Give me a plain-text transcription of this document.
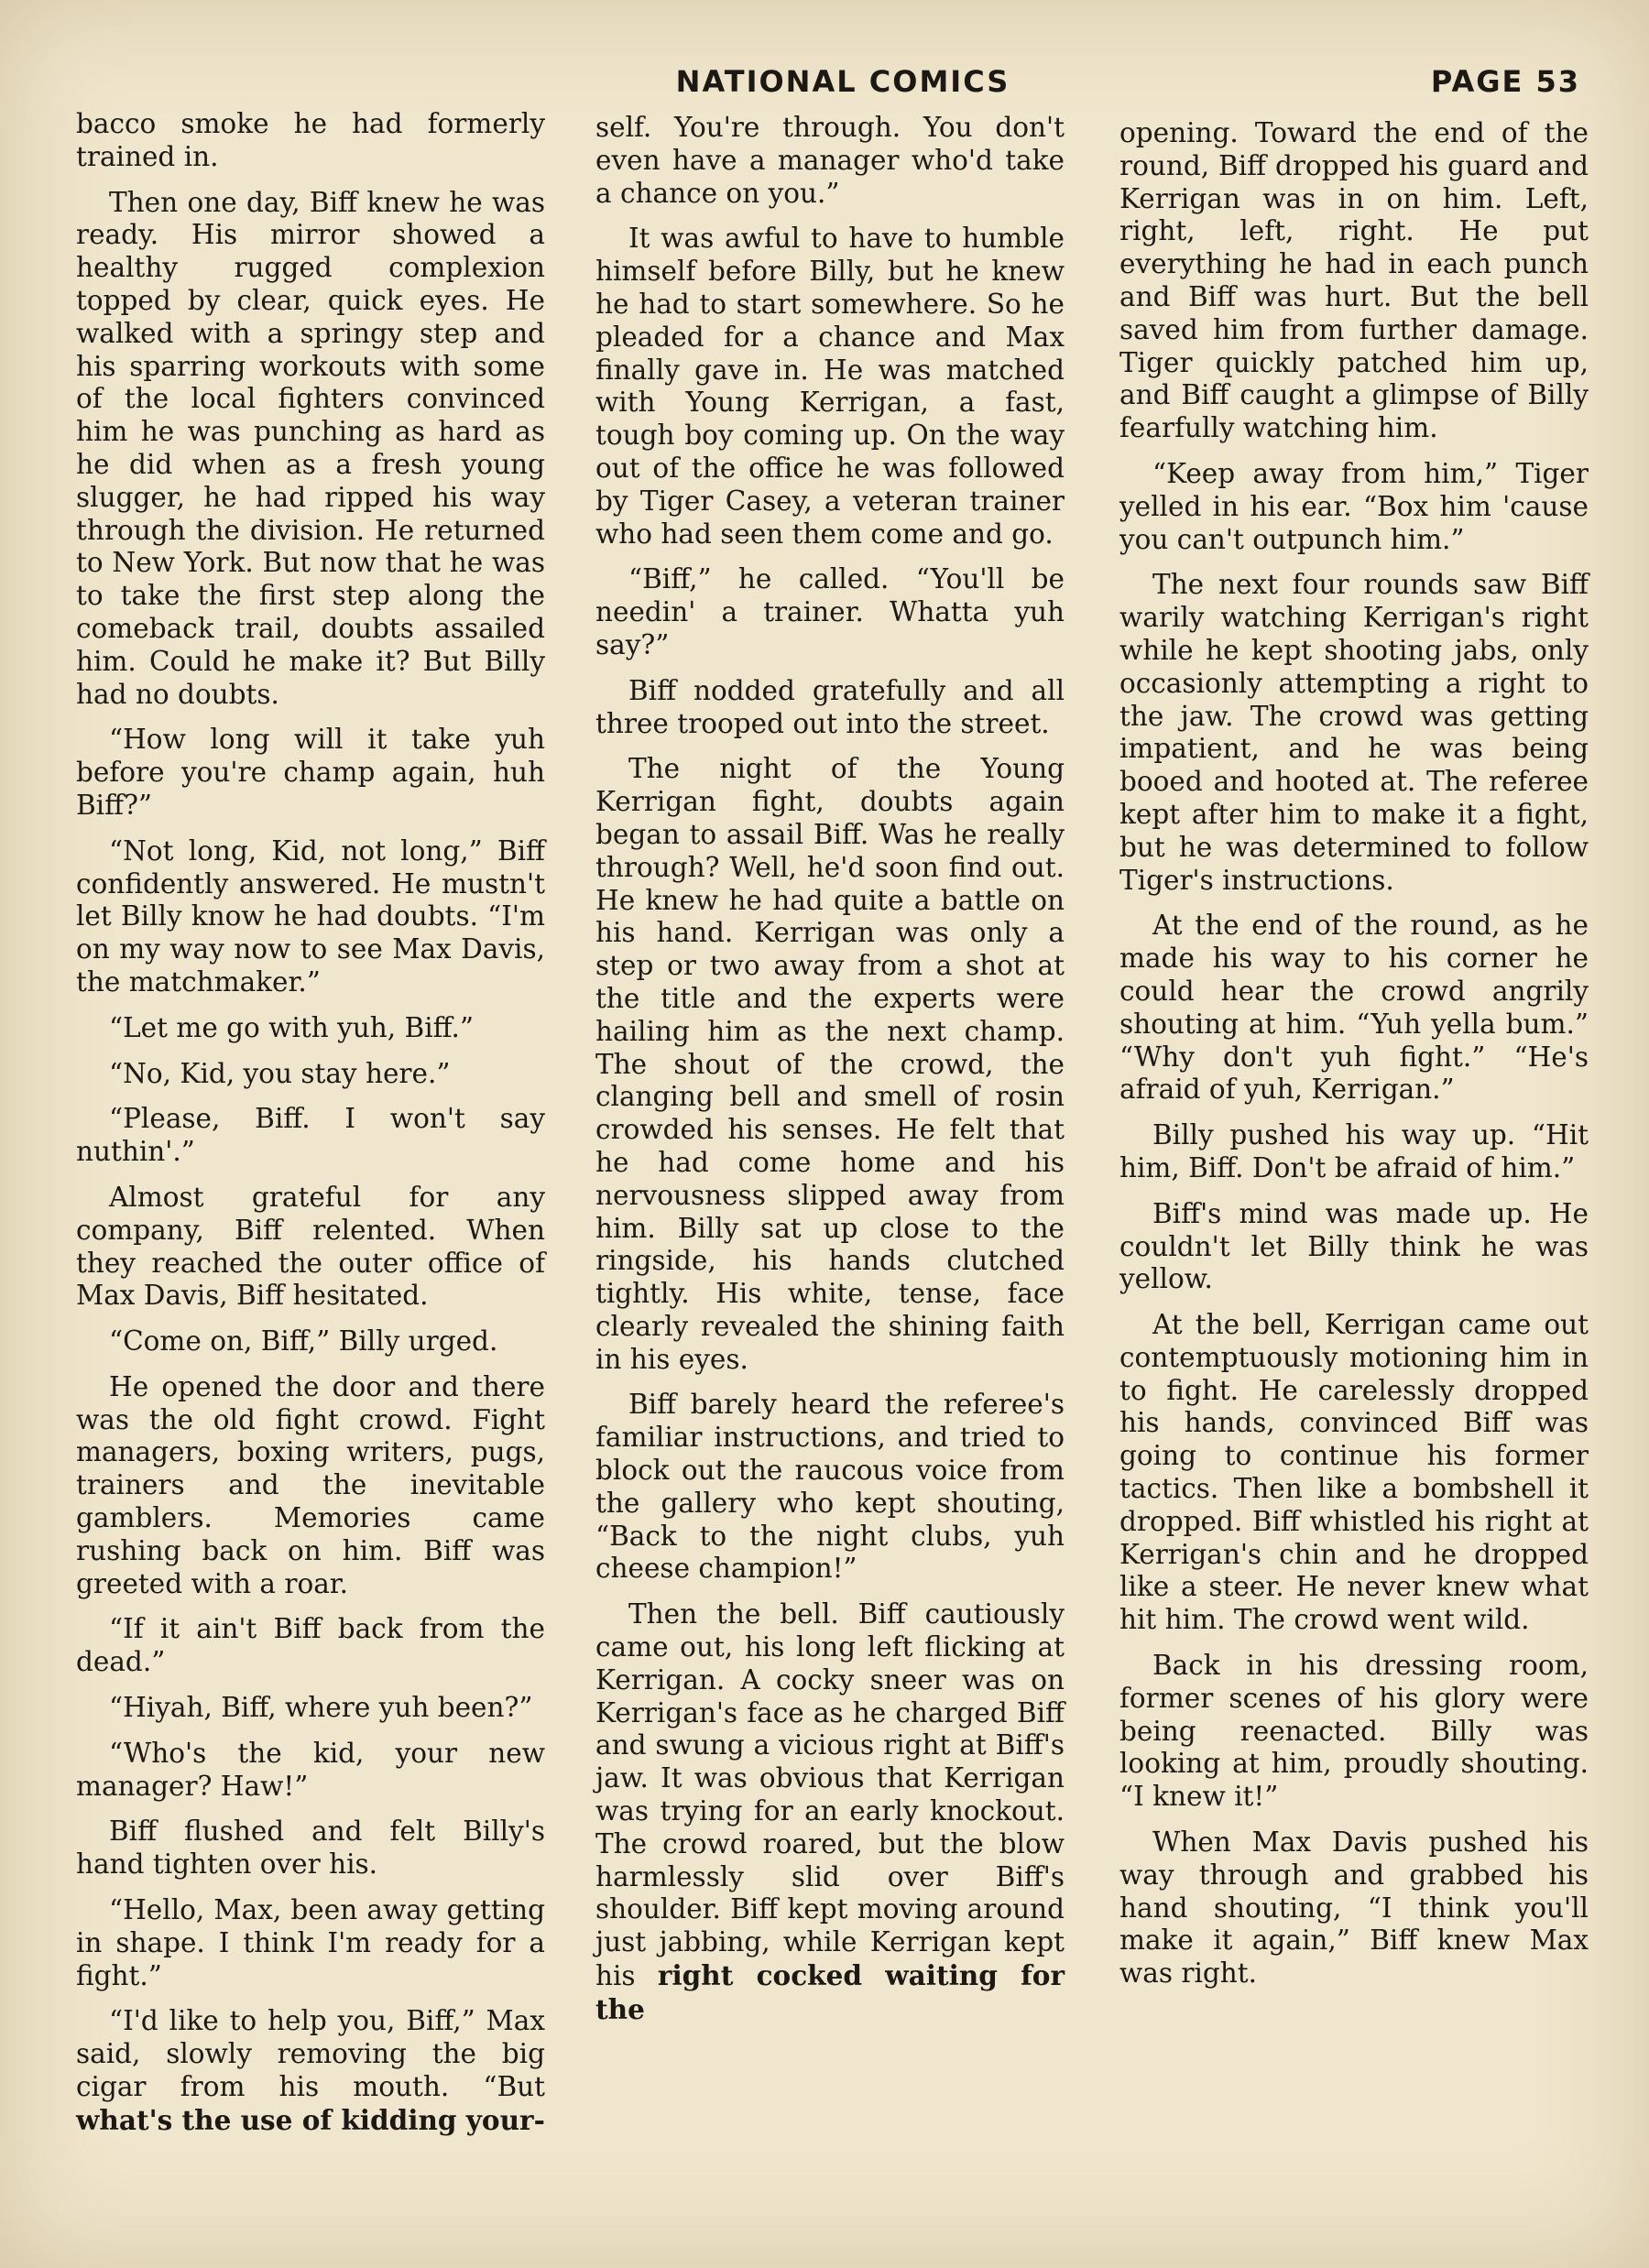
NATIONAL COMICS	PAGE 53

bacco smoke he had formerly trained in.

Then one day, Biff knew he was ready. His mirror showed a healthy rugged complexion topped by clear, quick eyes. He walked with a springy step and his sparring workouts with some of the local fighters convinced him he was punching as hard as he did when as a fresh young slugger, he had ripped his way through the division. He returned to New York. But now that he was to take the first step along the comeback trail, doubts assailed him. Could he make it? But Billy had no doubts.

“How long will it take yuh before you're champ again, huh Biff?”

“Not long, Kid, not long,” Biff confidently answered. He mustn't let Billy know he had doubts. “I'm on my way now to see Max Davis, the matchmaker.”

“Let me go with yuh, Biff.”

“No, Kid, you stay here.”

“Please, Biff. I won't say nuthin'.”

Almost grateful for any company, Biff relented. When they reached the outer office of Max Davis, Biff hesitated.

“Come on, Biff,” Billy urged.

He opened the door and there was the old fight crowd. Fight managers, boxing writers, pugs, trainers and the inevitable gamblers. Memories came rushing back on him. Biff was greeted with a roar.

“If it ain't Biff back from the dead.”

“Hiyah, Biff, where yuh been?”

“Who's the kid, your new manager? Haw!”

Biff flushed and felt Billy's hand tighten over his.

“Hello, Max, been away getting in shape. I think I'm ready for a fight.”

“I'd like to help you, Biff,” Max said, slowly removing the big cigar from his mouth. “But what's the use of kidding your-

self. You're through. You don't even have a manager who'd take a chance on you.”

It was awful to have to humble himself before Billy, but he knew he had to start somewhere. So he pleaded for a chance and Max finally gave in. He was matched with Young Kerrigan, a fast, tough boy coming up. On the way out of the office he was followed by Tiger Casey, a veteran trainer who had seen them come and go.

“Biff,” he called. “You'll be needin' a trainer. Whatta yuh say?”

Biff nodded gratefully and all three trooped out into the street.

The night of the Young Kerrigan fight, doubts again began to assail Biff. Was he really through? Well, he'd soon find out. He knew he had quite a battle on his hand. Kerrigan was only a step or two away from a shot at the title and the experts were hailing him as the next champ. The shout of the crowd, the clanging bell and smell of rosin crowded his senses. He felt that he had come home and his nervousness slipped away from him. Billy sat up close to the ringside, his hands clutched tightly. His white, tense, face clearly revealed the shining faith in his eyes.

Biff barely heard the referee's familiar instructions, and tried to block out the raucous voice from the gallery who kept shouting, “Back to the night clubs, yuh cheese champion!”

Then the bell. Biff cautiously came out, his long left flicking at Kerrigan. A cocky sneer was on Kerrigan's face as he charged Biff and swung a vicious right at Biff's jaw. It was obvious that Kerrigan was trying for an early knockout. The crowd roared, but the blow harmlessly slid over Biff's shoulder. Biff kept moving around just jabbing, while Kerrigan kept his right cocked waiting for the

opening. Toward the end of the round, Biff dropped his guard and Kerrigan was in on him. Left, right, left, right. He put everything he had in each punch and Biff was hurt. But the bell saved him from further damage. Tiger quickly patched him up, and Biff caught a glimpse of Billy fearfully watching him.

“Keep away from him,” Tiger yelled in his ear. “Box him 'cause you can't outpunch him.”

The next four rounds saw Biff warily watching Kerrigan's right while he kept shooting jabs, only occasionly attempting a right to the jaw. The crowd was getting impatient, and he was being booed and hooted at. The referee kept after him to make it a fight, but he was determined to follow Tiger's instructions.

At the end of the round, as he made his way to his corner he could hear the crowd angrily shouting at him. “Yuh yella bum.” “Why don't yuh fight.” “He's afraid of yuh, Kerrigan.”

Billy pushed his way up. “Hit him, Biff. Don't be afraid of him.”

Biff's mind was made up. He couldn't let Billy think he was yellow.

At the bell, Kerrigan came out contemptuously motioning him in to fight. He carelessly dropped his hands, convinced Biff was going to continue his former tactics. Then like a bombshell it dropped. Biff whistled his right at Kerrigan's chin and he dropped like a steer. He never knew what hit him. The crowd went wild.

Back in his dressing room, former scenes of his glory were being reenacted. Billy was looking at him, proudly shouting. “I knew it!”

When Max Davis pushed his way through and grabbed his hand shouting, “I think you'll make it again,” Biff knew Max was right.
